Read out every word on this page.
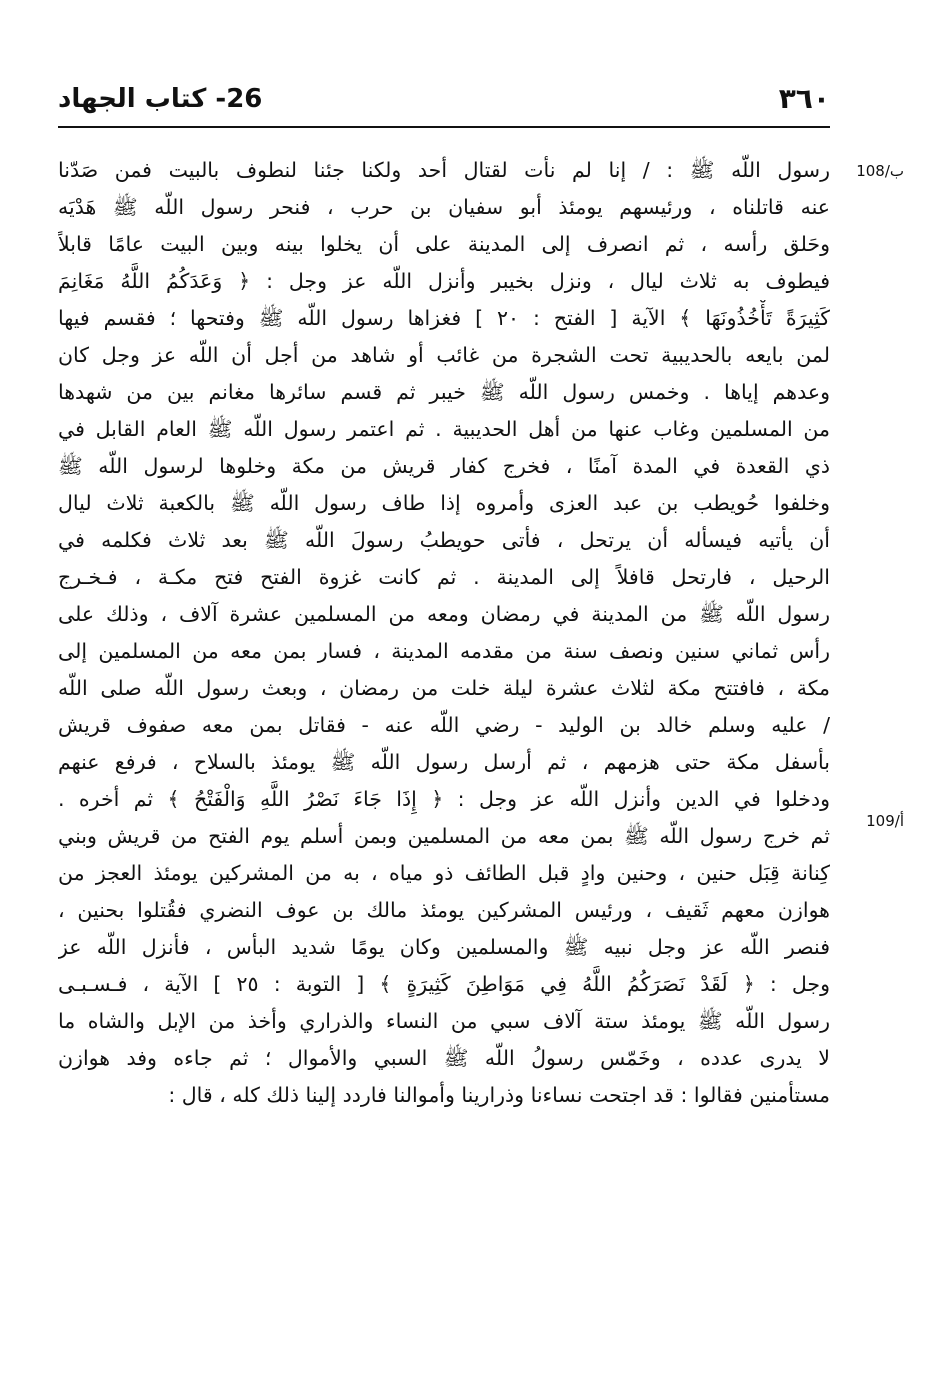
26- كتاب الجهاد	٣٦٠
108/ب
109/أ
رسول اللّه ﷺ : / إنا لم نأت لقتال أحد ولكنا جئنا لنطوف بالبيت فمن صَدّنا
عنه قاتلناه ، ورئيسهم يومئذ أبو سفيان بن حرب ، فنحر رسول اللّه ﷺ هَدْيَه
وحَلق رأسه ، ثم انصرف إلى المدينة على أن يخلوا بينه وبين البيت عامًا قابلاً
فيطوف به ثلاث ليال ، ونزل بخيبر وأنزل اللّه عز وجل : ﴿ وَعَدَكُمُ اللَّهُ مَغَانِمَ
كَثِيرَةً تَأْخُذُونَهَا ﴾ الآية [ الفتح : ٢٠ ] فغزاها رسول اللّه ﷺ وفتحها ؛ فقسم فيها
لمن بايعه بالحديبية تحت الشجرة من غائب أو شاهد من أجل أن اللّه عز وجل كان
وعدهم إياها . وخمس رسول اللّه ﷺ خيبر ثم قسم سائرها مغانم بين من شهدها
من المسلمين وغاب عنها من أهل الحديبية . ثم اعتمر رسول اللّه ﷺ العام القابل في
ذي القعدة في المدة آمنًا ، فخرج كفار قريش من مكة وخلوها لرسول اللّه ﷺ
وخلفوا حُويطب بن عبد العزى وأمروه إذا طاف رسول اللّه ﷺ بالكعبة ثلاث ليال
أن يأتيه فيسأله أن يرتحل ، فأتى حويطبُ رسولَ اللّه ﷺ بعد ثلاث فكلمه في
الرحيل ، فارتحل قافلاً إلى المدينة . ثم كانت غزوة الفتح فتح مكـة ، فـخـرج
رسول اللّه ﷺ من المدينة في رمضان ومعه من المسلمين عشرة آلاف ، وذلك على
رأس ثماني سنين ونصف سنة من مقدمه المدينة ، فسار بمن معه من المسلمين إلى
مكة ، فافتتح مكة لثلاث عشرة ليلة خلت من رمضان ، وبعث رسول اللّه صلى اللّه
/ عليه وسلم خالد بن الوليد - رضي اللّه عنه - فقاتل بمن معه صفوف قريش
بأسفل مكة حتى هزمهم ، ثم أرسل رسول اللّه ﷺ يومئذ بالسلاح ، فرفع عنهم
ودخلوا في الدين وأنزل اللّه عز وجل : ﴿ إِذَا جَاءَ نَصْرُ اللَّهِ وَالْفَتْحُ ﴾ ثم أخره .
ثم خرج رسول اللّه ﷺ بمن معه من المسلمين وبمن أسلم يوم الفتح من قريش وبني
كِنانة قِبَل حنين ، وحنين وادٍ قبل الطائف ذو مياه ، به من المشركين يومئذ العجز من
هوازن معهم ثَقيف ، ورئيس المشركين يومئذ مالك بن عوف النضري فقُتلوا بحنين ،
فنصر اللّه عز وجل نبيه ﷺ والمسلمين وكان يومًا شديد البأس ، فأنزل اللّه عز
وجل : ﴿ لَقَدْ نَصَرَكُمُ اللَّهُ فِي مَوَاطِنَ كَثِيرَةٍ ﴾ [ التوبة : ٢٥ ] الآية ، فـسـبـى
رسول اللّه ﷺ يومئذ ستة آلاف سبي من النساء والذراري وأخذ من الإبل والشاه ما
لا يدرى عدده ، وخَمّس رسولُ اللّه ﷺ السبي والأموال ؛ ثم جاءه وفد هوازن
مستأمنين فقالوا : قد اجتحت نساءنا وذرارينا وأموالنا فاردد إلينا ذلك كله ، قال :
